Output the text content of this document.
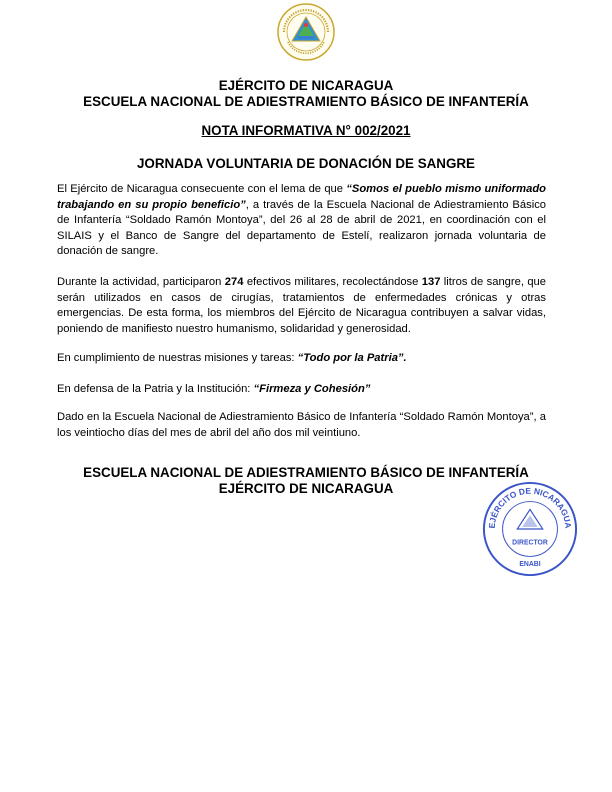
EJÉRCITO DE NICARAGUA
ESCUELA NACIONAL DE ADIESTRAMIENTO BÁSICO DE INFANTERÍA
NOTA INFORMATIVA N° 002/2021
JORNADA VOLUNTARIA DE DONACIÓN DE SANGRE
El Ejército de Nicaragua consecuente con el lema de que “Somos el pueblo mismo uniformado trabajando en su propio beneficio”, a través de la Escuela Nacional de Adiestramiento Básico de Infantería “Soldado Ramón Montoya”, del 26 al 28 de abril de 2021, en coordinación con el SILAIS y el Banco de Sangre del departamento de Estelí, realizaron jornada voluntaria de donación de sangre.
Durante la actividad, participaron 274 efectivos militares, recolectándose 137 litros de sangre, que serán utilizados en casos de cirugías, tratamientos de enfermedades crónicas y otras emergencias. De esta forma, los miembros del Ejército de Nicaragua contribuyen a salvar vidas, poniendo de manifiesto nuestro humanismo, solidaridad y generosidad.
En cumplimiento de nuestras misiones y tareas: “Todo por la Patria”.
En defensa de la Patria y la Institución: “Firmeza y Cohesión”
Dado en la Escuela Nacional de Adiestramiento Básico de Infantería “Soldado Ramón Montoya”, a los veintiocho días del mes de abril del año dos mil veintiuno.
ESCUELA NACIONAL DE ADIESTRAMIENTO BÁSICO DE INFANTERÍA
EJÉRCITO DE NICARAGUA
EJÉRCITO DE NICARAGUA
DIRECTOR
ENABI
